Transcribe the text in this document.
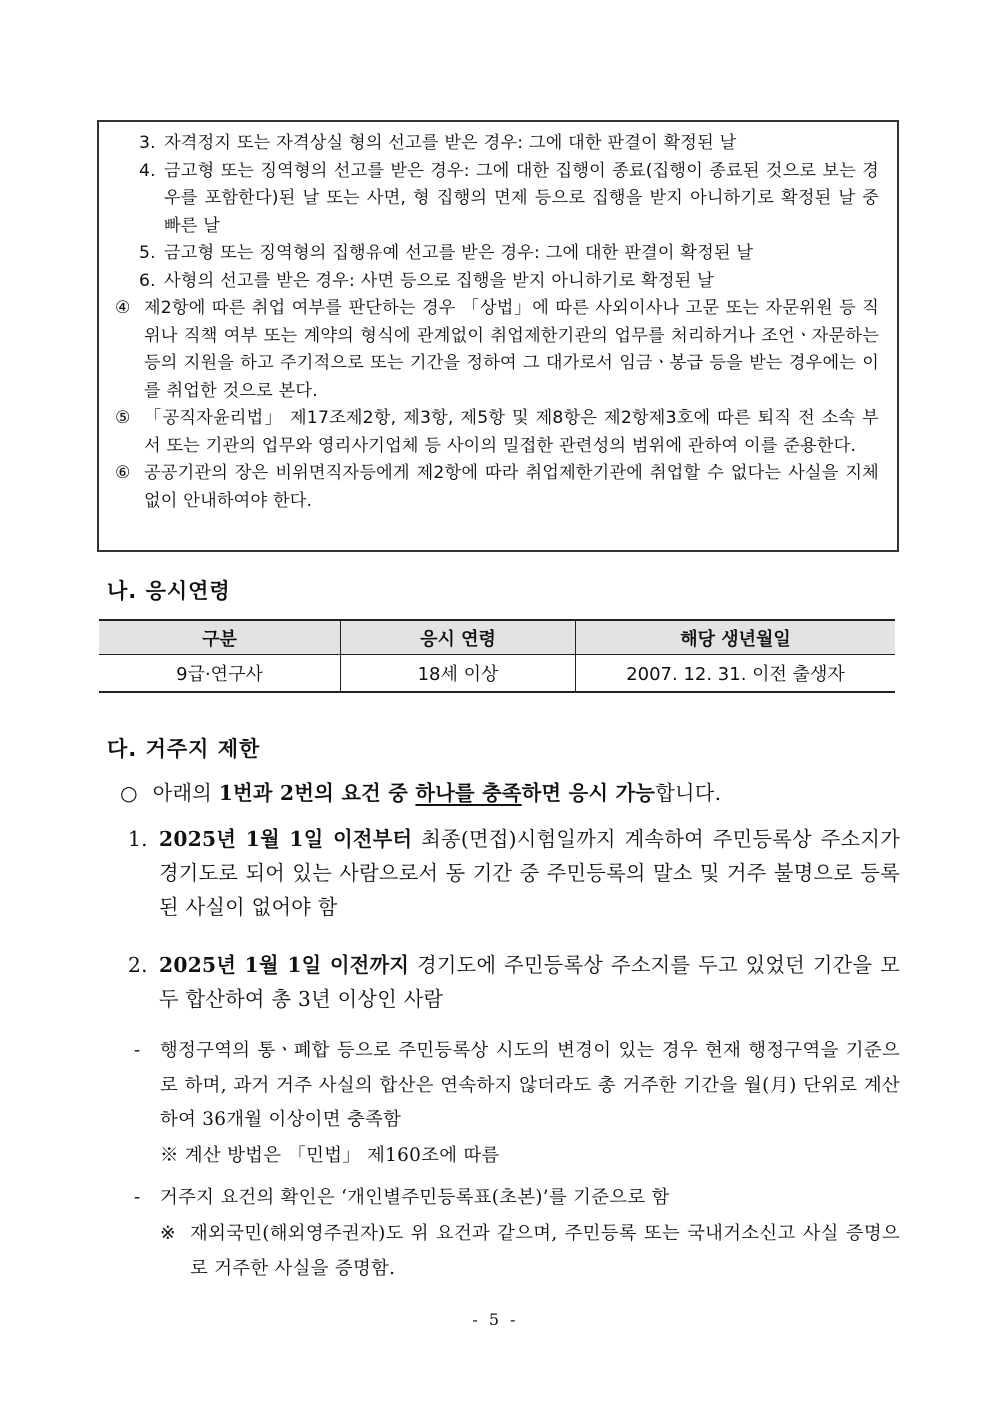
3. 자격정지 또는 자격상실 형의 선고를 받은 경우: 그에 대한 판결이 확정된 날
4. 금고형 또는 징역형의 선고를 받은 경우: 그에 대한 집행이 종료(집행이 종료된 것으로 보는 경우를 포함한다)된 날 또는 사면, 형 집행의 면제 등으로 집행을 받지 아니하기로 확정된 날 중 빠른 날
5. 금고형 또는 징역형의 집행유예 선고를 받은 경우: 그에 대한 판결이 확정된 날
6. 사형의 선고를 받은 경우: 사면 등으로 집행을 받지 아니하기로 확정된 날
④ 제2항에 따른 취업 여부를 판단하는 경우 「상법」에 따른 사외이사나 고문 또는 자문위원 등 직위나 직책 여부 또는 계약의 형식에 관계없이 취업제한기관의 업무를 처리하거나 조언ㆍ자문하는 등의 지원을 하고 주기적으로 또는 기간을 정하여 그 대가로서 임금ㆍ봉급 등을 받는 경우에는 이를 취업한 것으로 본다.
⑤ 「공직자윤리법」 제17조제2항, 제3항, 제5항 및 제8항은 제2항제3호에 따른 퇴직 전 소속 부서 또는 기관의 업무와 영리사기업체 등 사이의 밀접한 관련성의 범위에 관하여 이를 준용한다.
⑥ 공공기관의 장은 비위면직자등에게 제2항에 따라 취업제한기관에 취업할 수 없다는 사실을 지체 없이 안내하여야 한다.
나. 응시연령
구분	응시 연령	해당 생년월일
9급·연구사	18세 이상	2007. 12. 31. 이전 출생자
다. 거주지 제한
○ 아래의 1번과 2번의 요건 중 하나를 충족하면 응시 가능합니다.
1. 2025년 1월 1일 이전부터 최종(면접)시험일까지 계속하여 주민등록상 주소지가 경기도로 되어 있는 사람으로서 동 기간 중 주민등록의 말소 및 거주 불명으로 등록된 사실이 없어야 함
2. 2025년 1월 1일 이전까지 경기도에 주민등록상 주소지를 두고 있었던 기간을 모두 합산하여 총 3년 이상인 사람
-	행정구역의 통ㆍ폐합 등으로 주민등록상 시도의 변경이 있는 경우 현재 행정구역을 기준으로 하며, 과거 거주 사실의 합산은 연속하지 않더라도 총 거주한 기간을 월(月) 단위로 계산하여 36개월 이상이면 충족함
※ 계산 방법은 「민법」 제160조에 따름
-	거주지 요건의 확인은 ‘개인별주민등록표(초본)’를 기준으로 함
※ 재외국민(해외영주권자)도 위 요건과 같으며, 주민등록 또는 국내거소신고 사실 증명으로 거주한 사실을 증명함.
- 5 -
